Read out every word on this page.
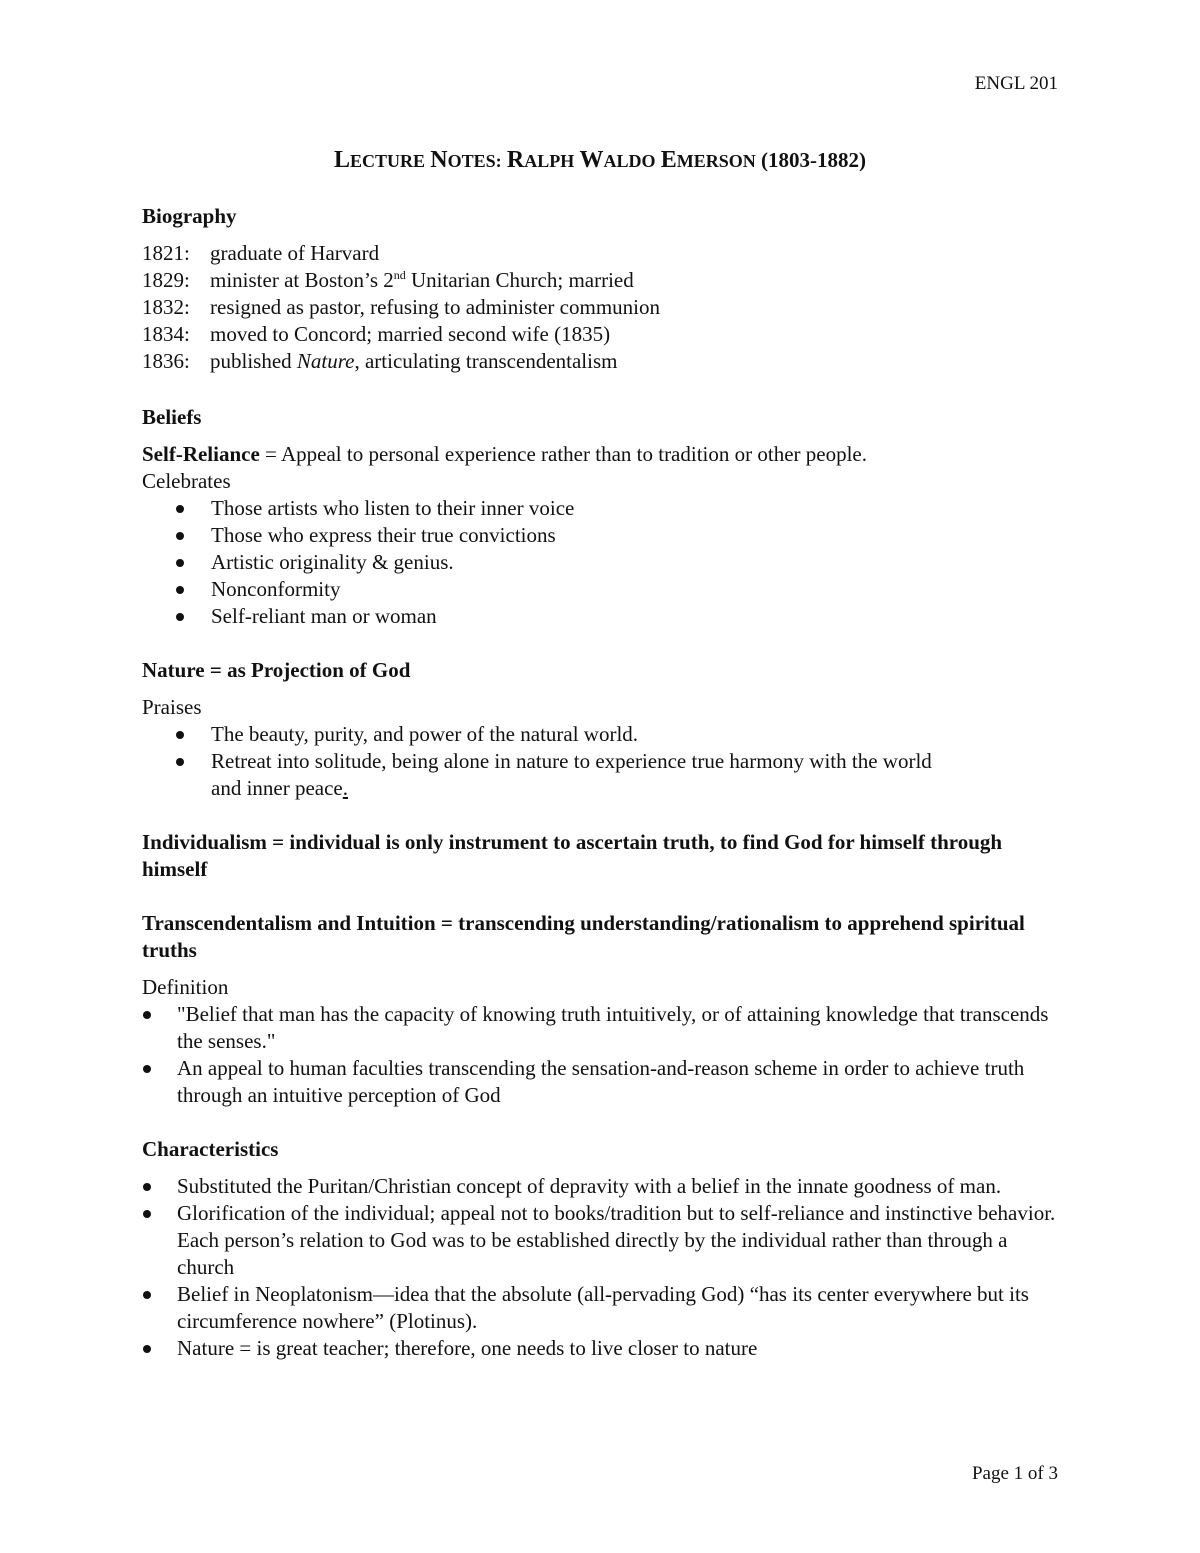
ENGL 201
LECTURE NOTES: RALPH WALDO EMERSON (1803-1882)

Biography

1821: graduate of Harvard
1829: minister at Boston’s 2nd Unitarian Church; married
1832: resigned as pastor, refusing to administer communion
1834: moved to Concord; married second wife (1835)
1836: published Nature, articulating transcendentalism

Beliefs

Self-Reliance = Appeal to personal experience rather than to tradition or other people.

Celebrates

Those artists who listen to their inner voice
Those who express their true convictions
Artistic originality & genius.
Nonconformity
Self-reliant man or woman

Nature = as Projection of God

Praises

The beauty, purity, and power of the natural world.
Retreat into solitude, being alone in nature to experience true harmony with the world
and inner peace.

Individualism = individual is only instrument to ascertain truth, to find God for himself through himself

Transcendentalism and Intuition = transcending understanding/rationalism to apprehend spiritual truths

Definition

"Belief that man has the capacity of knowing truth intuitively, or of attaining knowledge that transcends the senses."
An appeal to human faculties transcending the sensation-and-reason scheme in order to achieve truth through an intuitive perception of God

Characteristics

Substituted the Puritan/Christian concept of depravity with a belief in the innate goodness of man.
Glorification of the individual; appeal not to books/tradition but to self-reliance and instinctive behavior. Each person’s relation to God was to be established directly by the individual rather than through a church
Belief in Neoplatonism—idea that the absolute (all-pervading God) “has its center everywhere but its circumference nowhere” (Plotinus).
Nature = is great teacher; therefore, one needs to live closer to nature
Page 1 of 3
